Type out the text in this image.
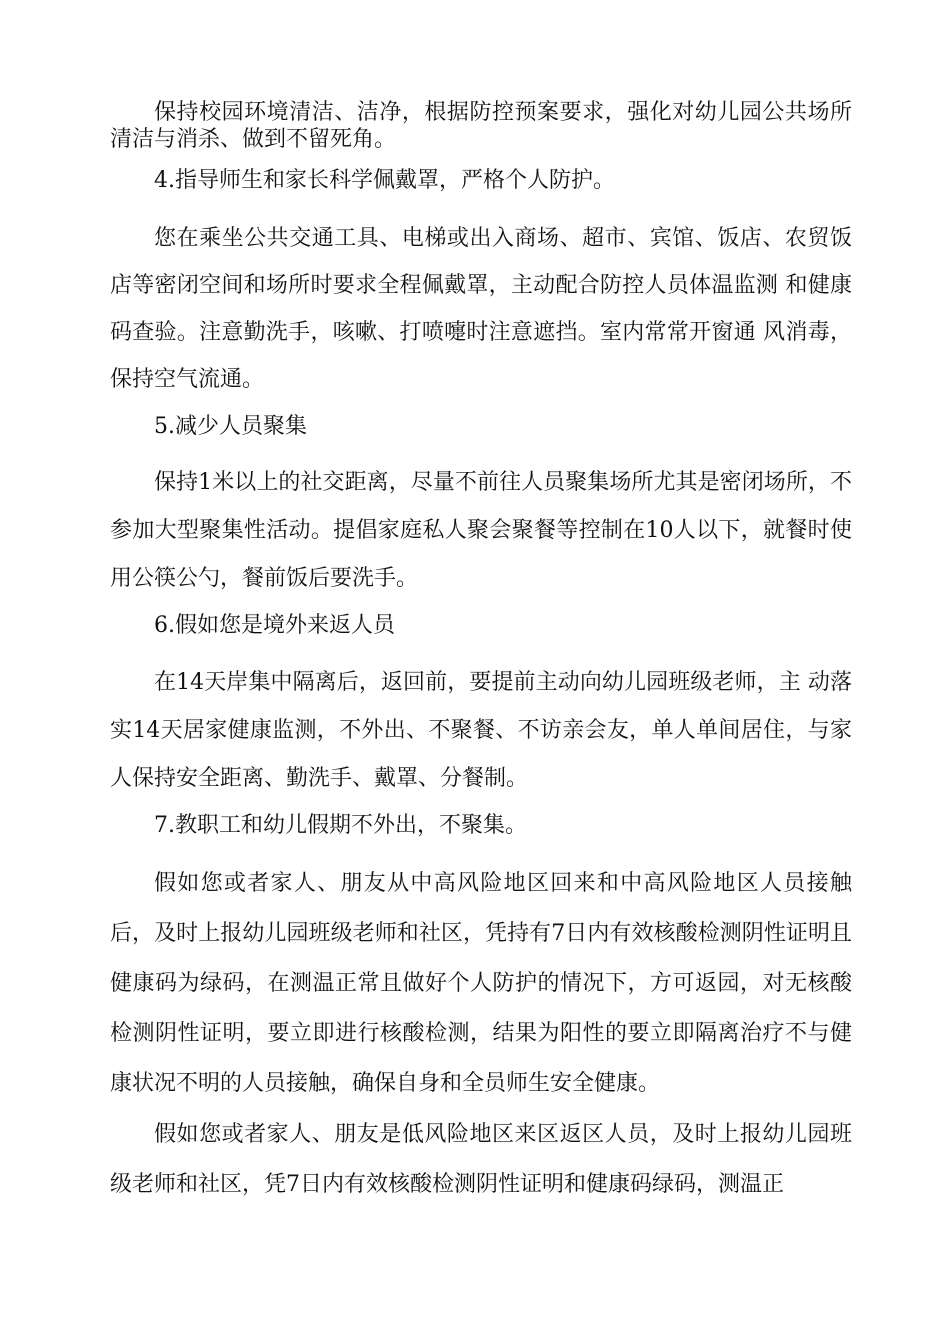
保持校园环境清洁、洁净，根据防控预案要求，强化对幼儿园公共场所清洁与消杀、做到不留死角。

4.指导师生和家长科学佩戴罩，严格个人防护。

您在乘坐公共交通工具、电梯或出入商场、超市、宾馆、饭店、农贸饭店等密闭空间和场所时要求全程佩戴罩，主动配合防控人员体温监测 和健康码查验。注意勤洗手，咳嗽、打喷嚏时注意遮挡。室内常常开窗通 风消毒，保持空气流通。

5.减少人员聚集

保持1米以上的社交距离，尽量不前往人员聚集场所尤其是密闭场所，不参加大型聚集性活动。提倡家庭私人聚会聚餐等控制在10人以下，就餐时使用公筷公勺，餐前饭后要洗手。

6.假如您是境外来返人员

在14天岸集中隔离后，返回前，要提前主动向幼儿园班级老师，主 动落实14天居家健康监测，不外出、不聚餐、不访亲会友，单人单间居住，与家人保持安全距离、勤洗手、戴罩、分餐制。

7.教职工和幼儿假期不外出，不聚集。

假如您或者家人、朋友从中高风险地区回来和中高风险地区人员接触后，及时上报幼儿园班级老师和社区，凭持有7日内有效核酸检测阴性证明且健康码为绿码，在测温正常且做好个人防护的情况下，方可返园，对无核酸检测阴性证明，要立即进行核酸检测，结果为阳性的要立即隔离治疗不与健康状况不明的人员接触，确保自身和全员师生安全健康。

假如您或者家人、朋友是低风险地区来区返区人员，及时上报幼儿园班级老师和社区，凭7日内有效核酸检测阴性证明和健康码绿码，测温正
